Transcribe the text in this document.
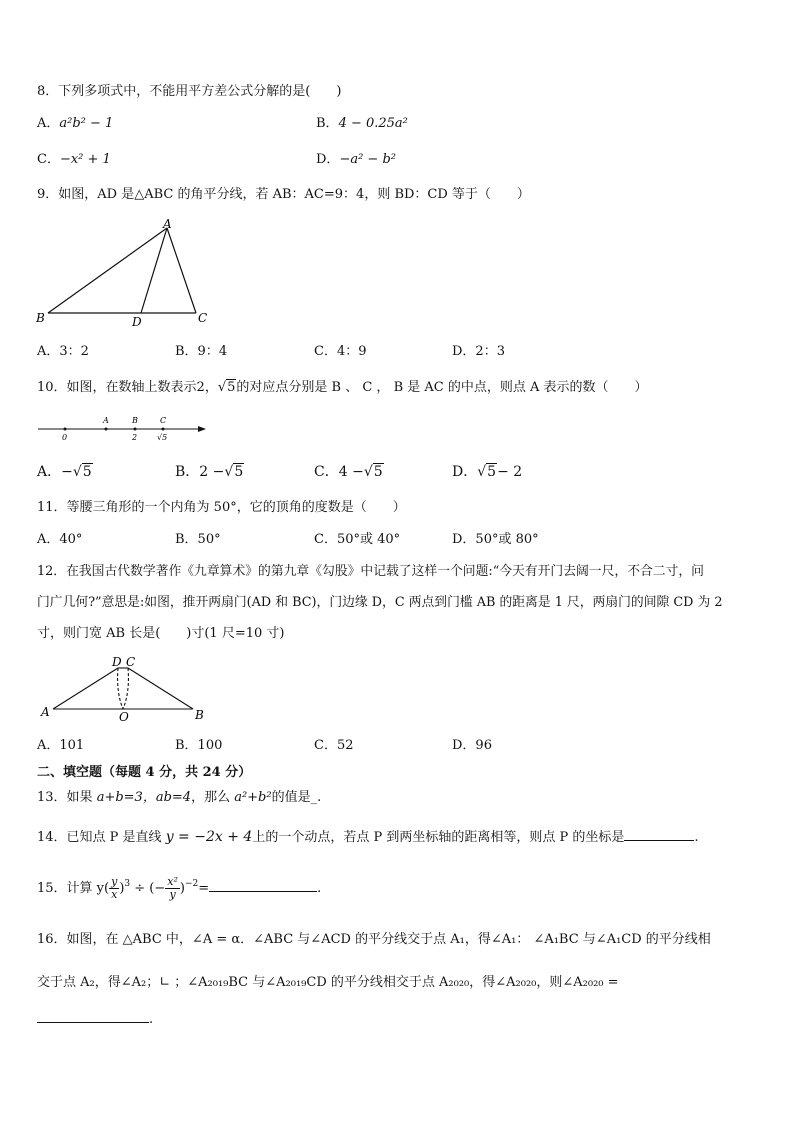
8．下列多项式中，不能用平方差公式分解的是(　　)
A．a²b² − 1	B．4 − 0.25a²
C．−x² + 1	D．−a² − b²
9．如图，AD 是△ABC 的角平分线，若 AB：AC=9：4，则 BD：CD 等于（　　）
A
B	C
D
A．3：2	B．9：4	C．4：9	D．2：3
10．如图，在数轴上数表示2，√5的对应点分别是 B 、 C ， B 是 AC 的中点，则点 A 表示的数（　　）
0
A	B
2
C
√5
A．−√5	B．2 −√5	C．4 −√5	D．√5− 2
11．等腰三角形的一个内角为 50°，它的顶角的度数是（　　）
A．40°	B．50°	C．50°或 40°	D．50°或 80°
12．在我国古代数学著作《九章算术》的第九章《勾股》中记载了这样一个问题:“今天有开门去阔一尺，不合二寸，问
门广几何?”意思是:如图，推开两扇门(AD 和 BC)，门边缘 D，C 两点到门槛 AB 的距离是 1 尺，两扇门的间隙 CD 为 2
寸，则门宽 AB 长是(　　)寸(1 尺=10 寸)
D C
A	B
O
A．101	B．100	C．52	D．96
二、填空题（每题 4 分，共 24 分）
13．如果 a+b=3，ab=4，那么 a²+b²的值是_.
14．已知点 P 是直线 y = −2x + 4上的一个动点，若点 P 到两坐标轴的距离相等，则点 P 的坐标是	.
15．计算 $y( \frac{y}{x} )^3$ ÷ (− $\frac{\text{x²}}{y} )^{-2}=$	.
16．如图，在 △ABC 中，∠A = α．∠ABC 与∠ACD 的平分线交于点 A₁，得∠A₁： ∠A₁BC 与∠A₁CD 的平分线相
交于点 A₂，得∠A₂；∟ ；∠A₂₀₁₉BC 与∠A₂₀₁₉CD 的平分线相交于点 A₂₀₂₀，得∠A₂₀₂₀，则∠A₂₀₂₀ =
.
